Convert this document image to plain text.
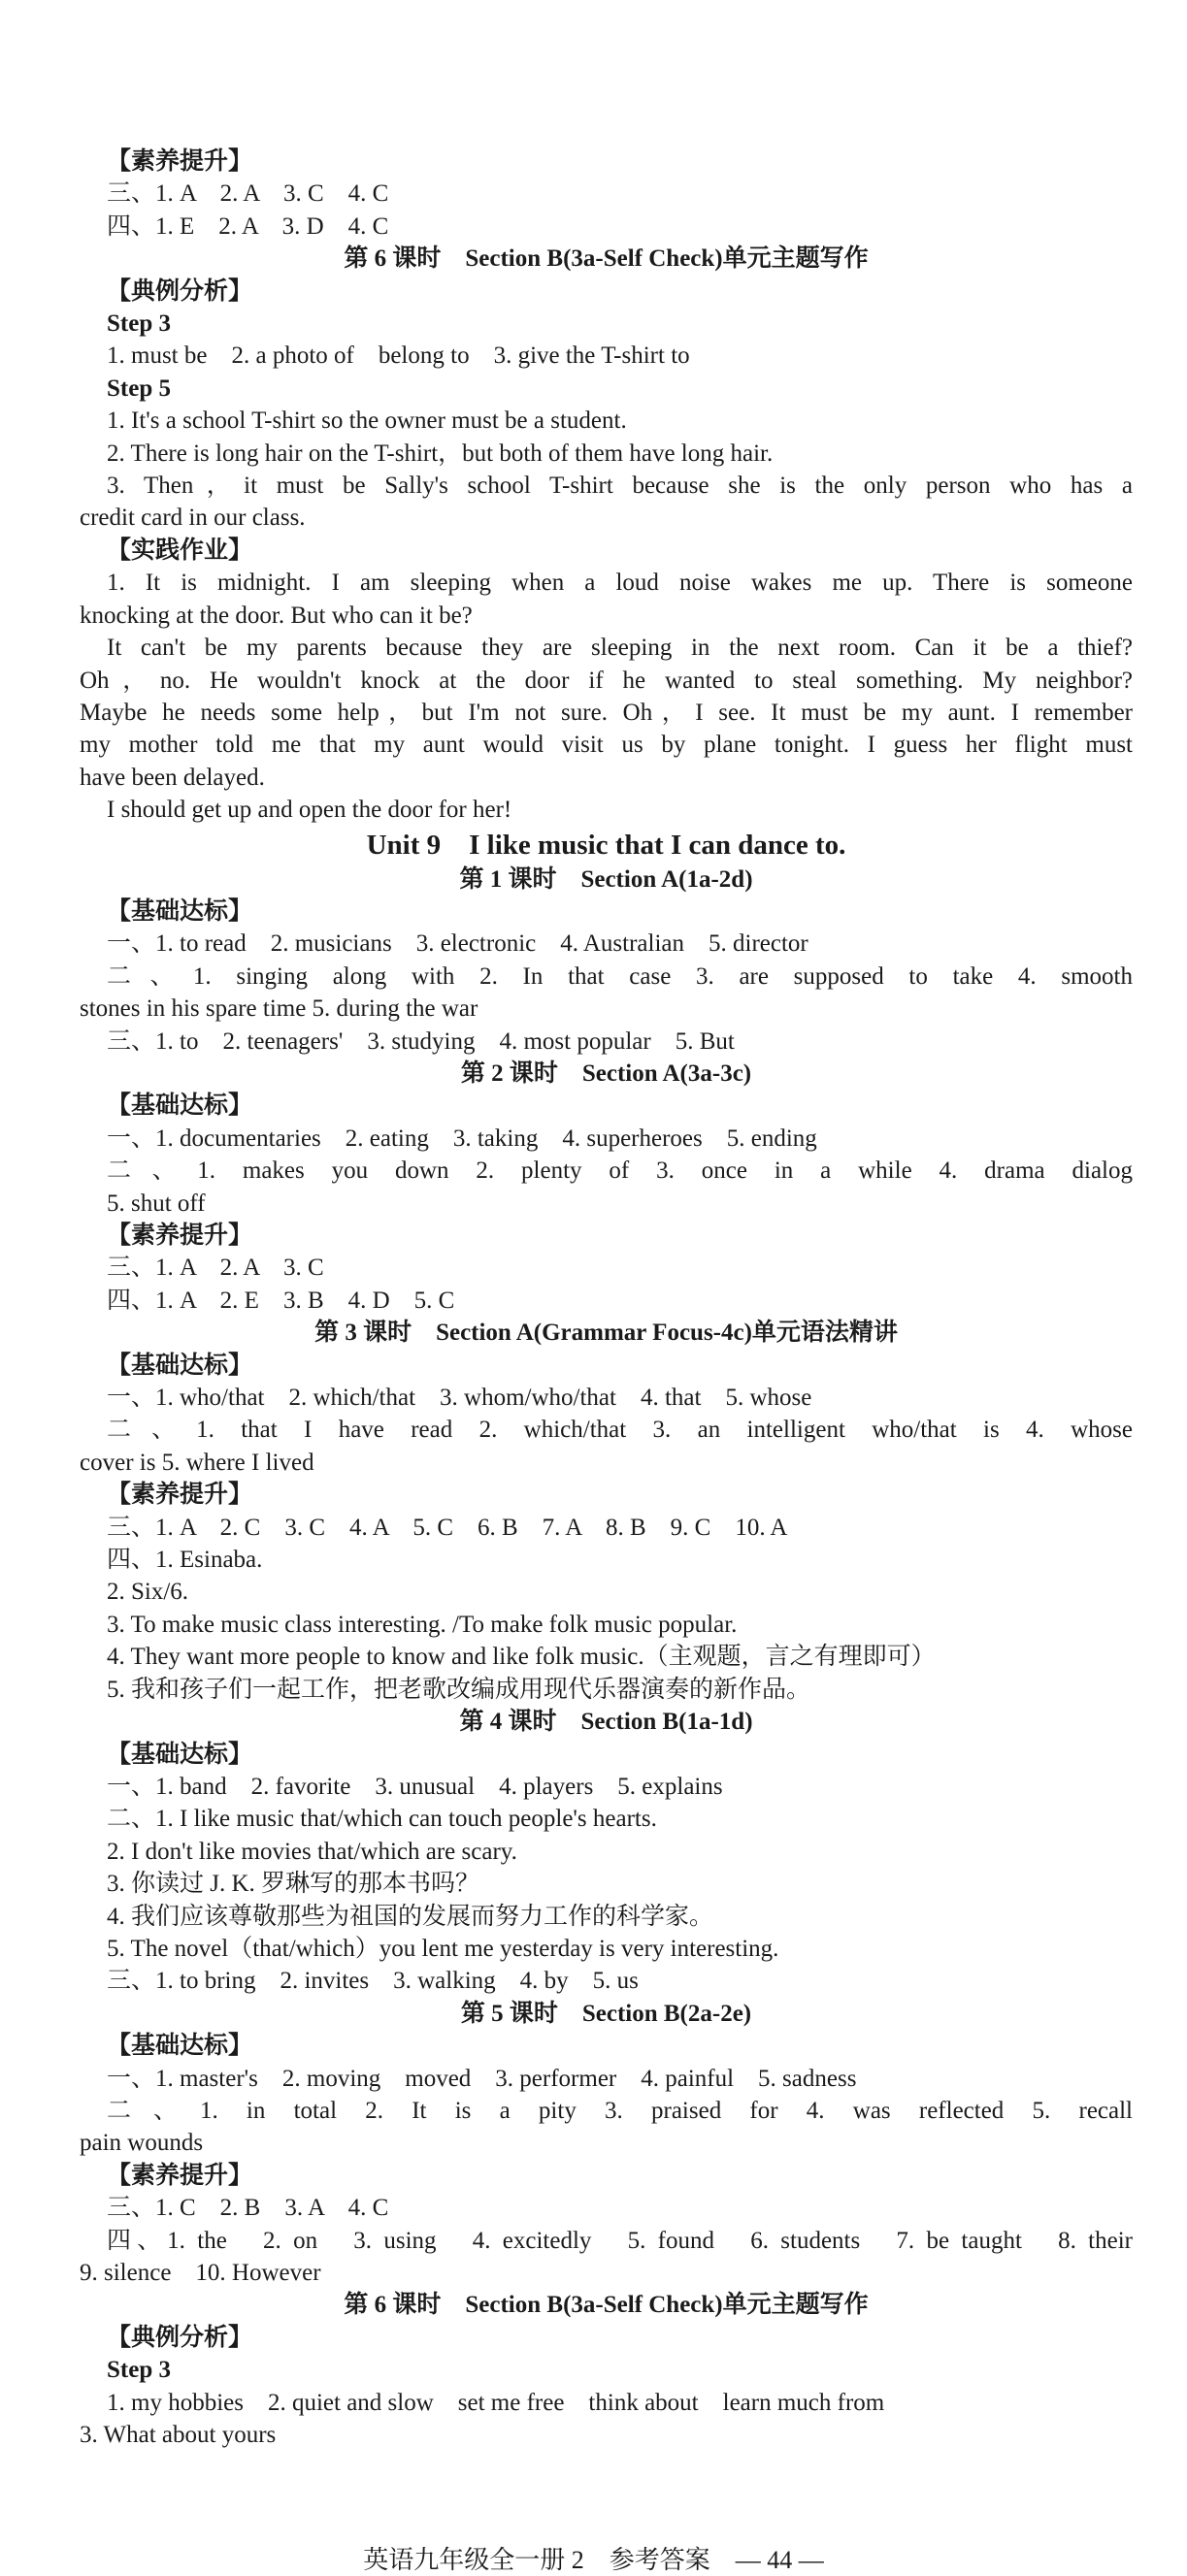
【素养提升】
三、1. A　2. A　3. C　4. C
四、1. E　2. A　3. D　4. C
第 6 课时　Section B(3a-Self Check)单元主题写作
【典例分析】
Step 3
1. must be　2. a photo of　belong to　3. give the T-shirt to
Step 5
1. It's a school T-shirt so the owner must be a student.
2. There is long hair on the T-shirt，but both of them have long hair.
3. Then，it must be Sally's school T-shirt because she is the only person who has a
credit card in our class.
【实践作业】
1. It is midnight. I am sleeping when a loud noise wakes me up. There is someone
knocking at the door. But who can it be?
It can't be my parents because they are sleeping in the next room. Can it be a thief?
Oh，no. He wouldn't knock at the door if he wanted to steal something. My neighbor?
Maybe he needs some help，but I'm not sure. Oh，I see. It must be my aunt. I remember
my mother told me that my aunt would visit us by plane tonight. I guess her flight must
have been delayed.
I should get up and open the door for her!
Unit 9　I like music that I can dance to.
第 1 课时　Section A(1a-2d)
【基础达标】
一、1. to read　2. musicians　3. electronic　4. Australian　5. director
二、1. singing along with 2. In that case 3. are supposed to take 4. smooth
stones in his spare time 5. during the war
三、1. to　2. teenagers'　3. studying　4. most popular　5. But
第 2 课时　Section A(3a-3c)
【基础达标】
一、1. documentaries　2. eating　3. taking　4. superheroes　5. ending
二、1. makes you down 2. plenty of 3. once in a while 4. drama dialog
5. shut off
【素养提升】
三、1. A　2. A　3. C
四、1. A　2. E　3. B　4. D　5. C
第 3 课时　Section A(Grammar Focus-4c)单元语法精讲
【基础达标】
一、1. who/that　2. which/that　3. whom/who/that　4. that　5. whose
二、1. that I have read 2. which/that 3. an intelligent who/that is 4. whose
cover is 5. where I lived
【素养提升】
三、1. A　2. C　3. C　4. A　5. C　6. B　7. A　8. B　9. C　10. A
四、1. Esinaba.
2. Six/6.
3. To make music class interesting. /To make folk music popular.
4. They want more people to know and like folk music.（主观题，言之有理即可）
5. 我和孩子们一起工作，把老歌改编成用现代乐器演奏的新作品。
第 4 课时　Section B(1a-1d)
【基础达标】
一、1. band　2. favorite　3. unusual　4. players　5. explains
二、1. I like music that/which can touch people's hearts.
2. I don't like movies that/which are scary.
3. 你读过 J. K. 罗琳写的那本书吗？
4. 我们应该尊敬那些为祖国的发展而努力工作的科学家。
5. The novel（that/which）you lent me yesterday is very interesting.
三、1. to bring　2. invites　3. walking　4. by　5. us
第 5 课时　Section B(2a-2e)
【基础达标】
一、1. master's　2. moving　moved　3. performer　4. painful　5. sadness
二、1. in total 2. It is a pity 3. praised for 4. was reflected 5. recall
pain wounds
【素养提升】
三、1. C　2. B　3. A　4. C
四、1. the　2. on　3. using　4. excitedly　5. found　6. students　7. be taught　8. their
9. silence　10. However
第 6 课时　Section B(3a-Self Check)单元主题写作
【典例分析】
Step 3
1. my hobbies　2. quiet and slow　set me free　think about　learn much from
3. What about yours
英语九年级全一册 2　参考答案　— 44 —
